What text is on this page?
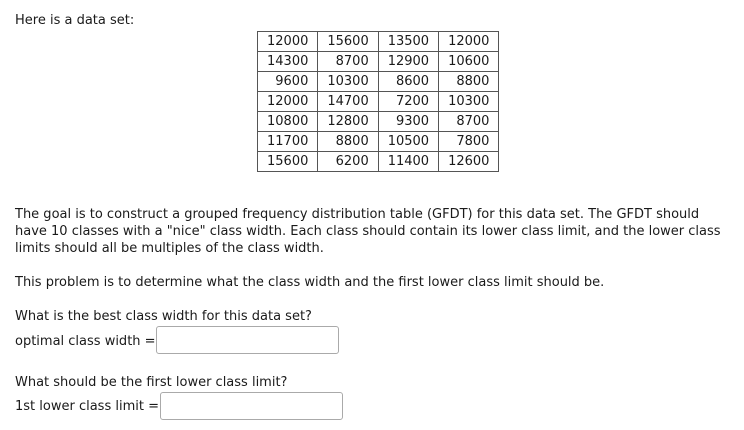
Here is a data set:

12000	15600	13500	12000
14300	8700	12900	10600
9600	10300	8600	8800
12000	14700	7200	10300
10800	12800	9300	8700
11700	8800	10500	7800
15600	6200	11400	12600

The goal is to construct a grouped frequency distribution table (GFDT) for this data set. The GFDT should have 10 classes with a "nice" class width. Each class should contain its lower class limit, and the lower class limits should all be multiples of the class width.

This problem is to determine what the class width and the first lower class limit should be.

What is the best class width for this data set?

optimal class width =

What should be the first lower class limit?

1st lower class limit =
